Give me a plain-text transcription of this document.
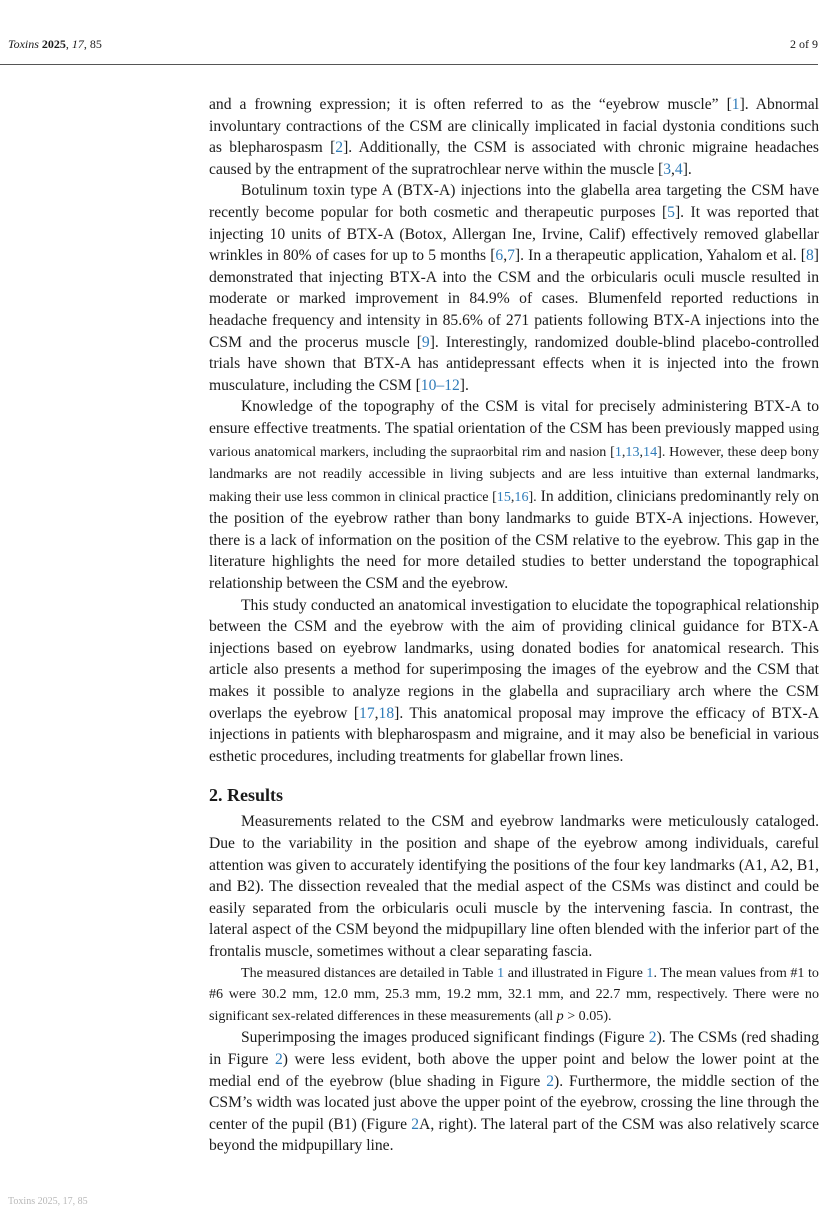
Toxins 2025, 17, 85	2 of 9

and a frowning expression; it is often referred to as the “eyebrow muscle” [1]. Abnormal involuntary contractions of the CSM are clinically implicated in facial dystonia conditions such as blepharospasm [2]. Additionally, the CSM is associated with chronic migraine headaches caused by the entrapment of the supratrochlear nerve within the muscle [3,4].

Botulinum toxin type A (BTX-A) injections into the glabella area targeting the CSM have recently become popular for both cosmetic and therapeutic purposes [5]. It was reported that injecting 10 units of BTX-A (Botox, Allergan Ine, Irvine, Calif) effectively removed glabellar wrinkles in 80% of cases for up to 5 months [6,7]. In a therapeutic application, Yahalom et al. [8] demonstrated that injecting BTX-A into the CSM and the orbicularis oculi muscle resulted in moderate or marked improvement in 84.9% of cases. Blumenfeld reported reductions in headache frequency and intensity in 85.6% of 271 patients following BTX-A injections into the CSM and the procerus muscle [9]. Interestingly, randomized double-blind placebo-controlled trials have shown that BTX-A has antidepressant effects when it is injected into the frown musculature, including the CSM [10–12].

Knowledge of the topography of the CSM is vital for precisely administering BTX-A to ensure effective treatments. The spatial orientation of the CSM has been previously mapped using various anatomical markers, including the supraorbital rim and nasion [1,13,14]. However, these deep bony landmarks are not readily accessible in living subjects and are less intuitive than external landmarks, making their use less common in clinical practice [15,16]. In addition, clinicians predominantly rely on the position of the eyebrow rather than bony landmarks to guide BTX-A injections. However, there is a lack of information on the position of the CSM relative to the eyebrow. This gap in the literature highlights the need for more detailed studies to better understand the topographical relationship between the CSM and the eyebrow.

This study conducted an anatomical investigation to elucidate the topographical relationship between the CSM and the eyebrow with the aim of providing clinical guidance for BTX-A injections based on eyebrow landmarks, using donated bodies for anatomical research. This article also presents a method for superimposing the images of the eyebrow and the CSM that makes it possible to analyze regions in the glabella and supraciliary arch where the CSM overlaps the eyebrow [17,18]. This anatomical proposal may improve the efficacy of BTX-A injections in patients with blepharospasm and migraine, and it may also be beneficial in various esthetic procedures, including treatments for glabellar frown lines.

2. Results

Measurements related to the CSM and eyebrow landmarks were meticulously cataloged. Due to the variability in the position and shape of the eyebrow among individuals, careful attention was given to accurately identifying the positions of the four key landmarks (A1, A2, B1, and B2). The dissection revealed that the medial aspect of the CSMs was distinct and could be easily separated from the orbicularis oculi muscle by the intervening fascia. In contrast, the lateral aspect of the CSM beyond the midpupillary line often blended with the inferior part of the frontalis muscle, sometimes without a clear separating fascia.

The measured distances are detailed in Table 1 and illustrated in Figure 1. The mean values from #1 to #6 were 30.2 mm, 12.0 mm, 25.3 mm, 19.2 mm, 32.1 mm, and 22.7 mm, respectively. There were no significant sex-related differences in these measurements (all p > 0.05).

Superimposing the images produced significant findings (Figure 2). The CSMs (red shading in Figure 2) were less evident, both above the upper point and below the lower point at the medial end of the eyebrow (blue shading in Figure 2). Furthermore, the middle section of the CSM’s width was located just above the upper point of the eyebrow, crossing the line through the center of the pupil (B1) (Figure 2A, right). The lateral part of the CSM was also relatively scarce beyond the midpupillary line.

Toxins 2025, 17, 85
